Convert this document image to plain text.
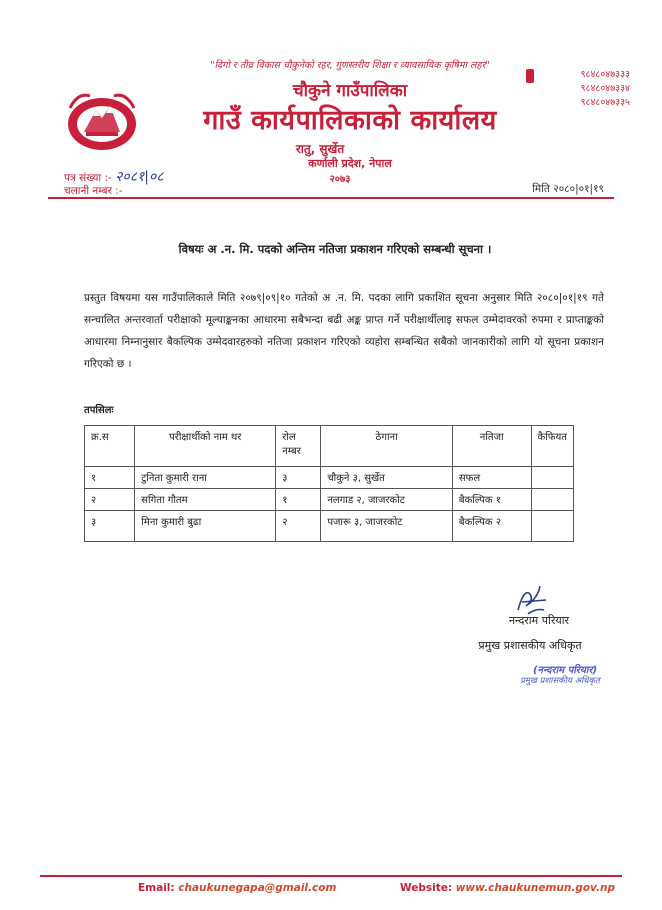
"दिगो र तीव्र विकास चौकुनेको रहर, गुणस्तरीय शिक्षा र व्यावसायिक कृषिमा लहर"
चौकुने गाउँपालिका
गाउँ कार्यपालिकाको कार्यालय
रातु, सुर्खेत
कर्णाली प्रदेश, नेपाल
२०७३
९८४८०४७३३३
९८४८०४७३३४
९८४८०४७३३५
पत्र संख्या :- २०८१|०८
चलानी नम्बर :-	मिति २०८०|०१|१९
विषयः अ .न. मि. पदको अन्तिम नतिजा प्रकाशन गरिएको सम्बन्धी सूचना ।
प्रस्तुत विषयमा यस गाउँपालिकाले मिति २०७९|०९|१० गतेको अ .न. मि. पदका लागि प्रकाशित सूचना अनुसार मिति २०८०|०१|१९ गते सन्चालित अन्तरवार्ता परीक्षाको मूल्याङ्कनका आधारमा सबैभन्दा बढी अङ्क प्राप्त गर्ने परीक्षार्थीलाइ सफल उम्मेदावरको रुपमा र प्राप्ताङ्कको आधारमा निम्नानुसार बैकल्पिक उम्मेदवारहरुको नतिजा प्रकाशन गरिएको व्यहोरा सम्बन्धित सबैको जानकारीको लागि यो सूचना प्रकाशन गरिएको छ ।
तपसिलः
क्र.स	परीक्षार्थीको नाम थर	रोल नम्बर	ठेगाना	नतिजा	कैफियत
१	टुनिता कुमारी राना	३	चौकुने ३, सुर्खेत	सफल	
२	सगिता गौतम	१	नलगाड २, जाजरकोट	बैकल्पिक १	
३	मिना कुमारी बुढा	२	पजारू ३, जाजरकोट	बैकल्पिक २	
नन्दराम परियार
प्रमुख प्रशासकीय अधिकृत
(नन्दराम परियार)
प्रमुख प्रशासकीय अधिकृत
Email: chaukunegapa@gmail.com	Website: www.chaukunemun.gov.np
